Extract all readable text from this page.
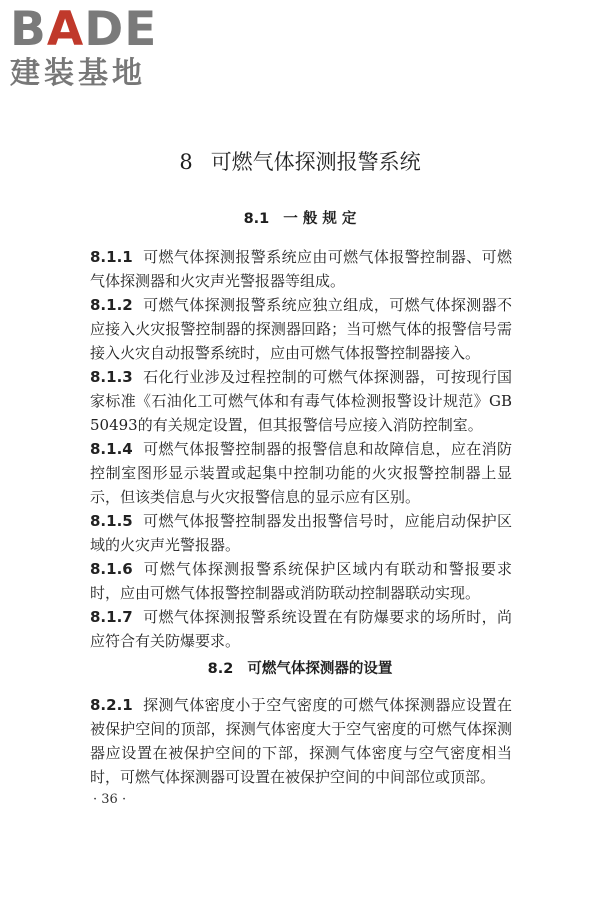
BADE
建装基地
8 可燃气体探测报警系统
8.1 一 般 规 定

8.1.1 可燃气体探测报警系统应由可燃气体报警控制器、可燃气体探测器和火灾声光警报器等组成。

8.1.2 可燃气体探测报警系统应独立组成，可燃气体探测器不应接入火灾报警控制器的探测器回路；当可燃气体的报警信号需接入火灾自动报警系统时，应由可燃气体报警控制器接入。

8.1.3 石化行业涉及过程控制的可燃气体探测器，可按现行国家标准《石油化工可燃气体和有毒气体检测报警设计规范》GB 50493的有关规定设置，但其报警信号应接入消防控制室。

8.1.4 可燃气体报警控制器的报警信息和故障信息，应在消防控制室图形显示装置或起集中控制功能的火灾报警控制器上显示，但该类信息与火灾报警信息的显示应有区别。

8.1.5 可燃气体报警控制器发出报警信号时，应能启动保护区域的火灾声光警报器。

8.1.6 可燃气体探测报警系统保护区域内有联动和警报要求时，应由可燃气体报警控制器或消防联动控制器联动实现。

8.1.7 可燃气体探测报警系统设置在有防爆要求的场所时，尚应符合有关防爆要求。

8.2 可燃气体探测器的设置

8.2.1 探测气体密度小于空气密度的可燃气体探测器应设置在被保护空间的顶部，探测气体密度大于空气密度的可燃气体探测器应设置在被保护空间的下部，探测气体密度与空气密度相当时，可燃气体探测器可设置在被保护空间的中间部位或顶部。

· 36 ·
